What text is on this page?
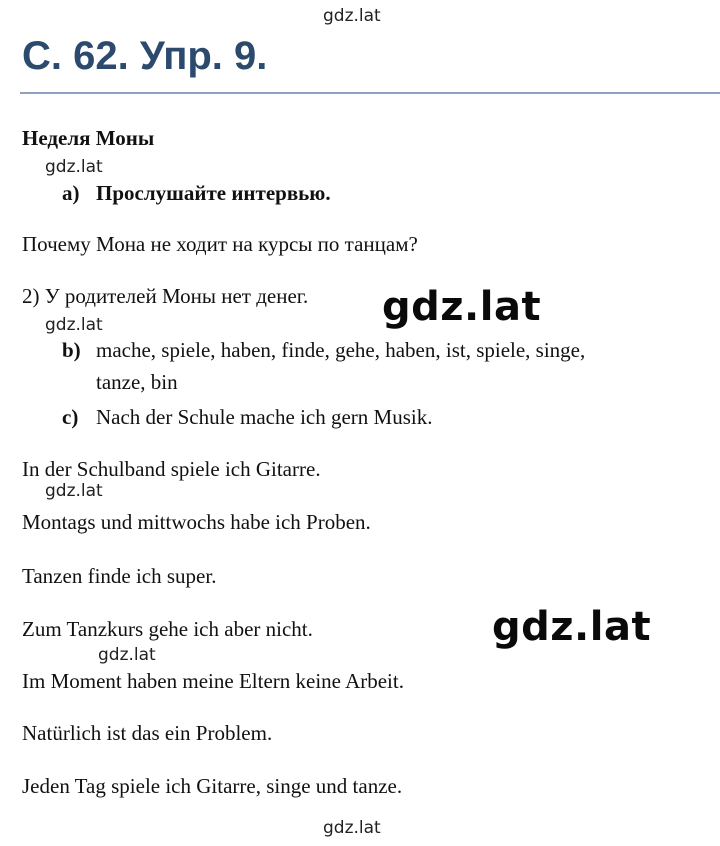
gdz.lat
С. 62. Упр. 9.
Неделя Моны
gdz.lat
a) Прослушайте интервью.
Почему Мона не ходит на курсы по танцам?
2) У родителей Моны нет денег. gdz.lat
gdz.lat
b) mache, spiele, haben, finde, gehe, haben, ist, spiele, singe,
tanze, bin
c) Nach der Schule mache ich gern Musik.
In der Schulband spiele ich Gitarre.
gdz.lat
Montags und mittwochs habe ich Proben.
Tanzen finde ich super.
Zum Tanzkurs gehe ich aber nicht.	gdz.lat
gdz.lat
Im Moment haben meine Eltern keine Arbeit.
Natürlich ist das ein Problem.
Jeden Tag spiele ich Gitarre, singe und tanze.
gdz.lat
